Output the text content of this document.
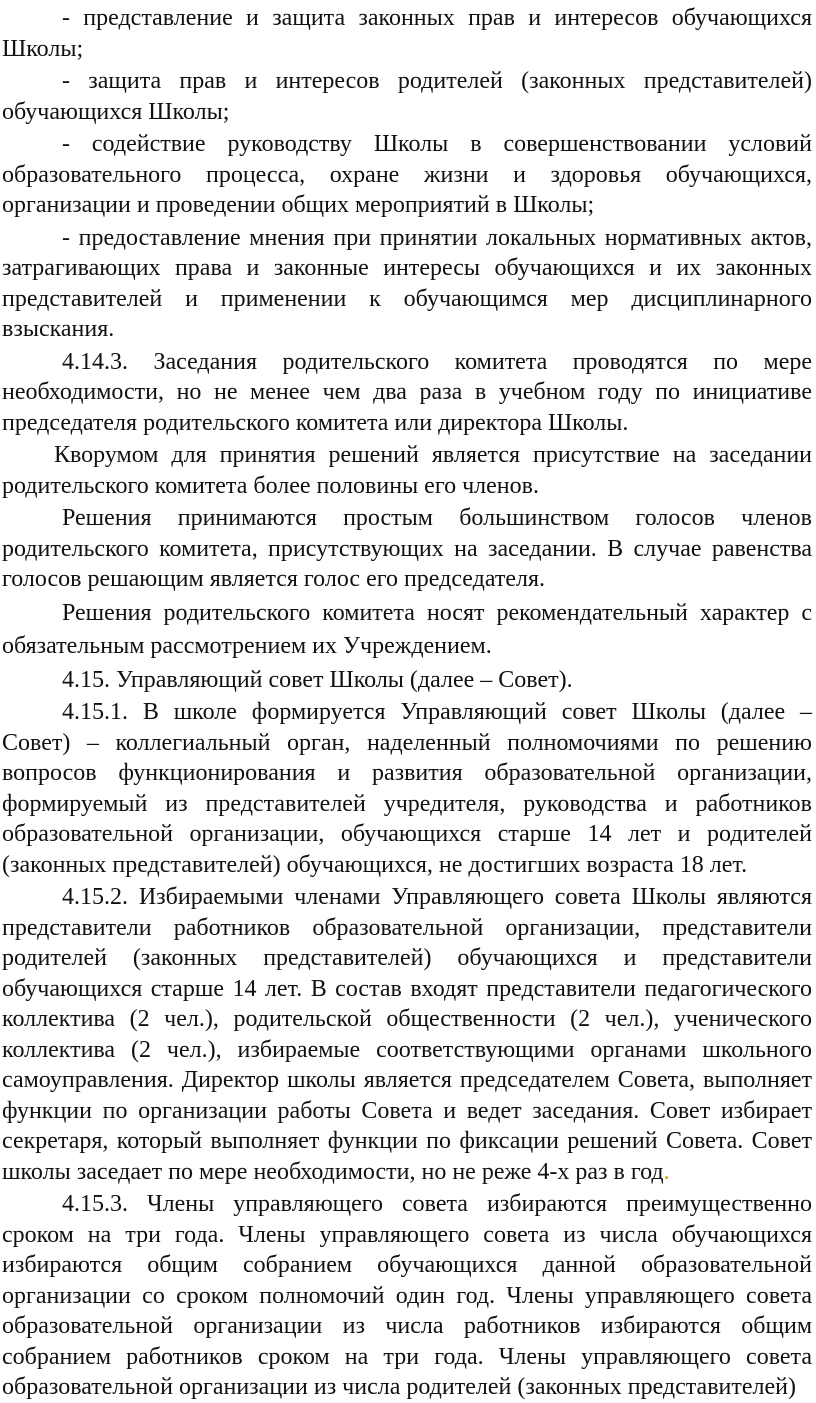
- представление и защита законных прав и интересов обучающихся Школы;

- защита прав и интересов родителей (законных представителей) обучающихся Школы;

- содействие руководству Школы в совершенствовании условий образовательного процесса, охране жизни и здоровья обучающихся, организации и проведении общих мероприятий в Школы;

- предоставление мнения при принятии локальных нормативных актов, затрагивающих права и законные интересы обучающихся и их законных представителей и применении к обучающимся мер дисциплинарного взыскания.

4.14.3. Заседания родительского комитета проводятся по мере необходимости, но не менее чем два раза в учебном году по инициативе председателя родительского комитета или директора Школы.

Кворумом для принятия решений является присутствие на заседании родительского комитета более половины его членов.

Решения принимаются простым большинством голосов членов родительского комитета, присутствующих на заседании. В случае равенства голосов решающим является голос его председателя.

Решения родительского комитета носят рекомендательный характер с обязательным рассмотрением их Учреждением.

4.15. Управляющий совет Школы (далее – Совет).

4.15.1. В школе формируется Управляющий совет Школы (далее – Совет) – коллегиальный орган, наделенный полномочиями по решению вопросов функционирования и развития образовательной организации, формируемый из представителей учредителя, руководства и работников образовательной организации, обучающихся старше 14 лет и родителей (законных представителей) обучающихся, не достигших возраста 18 лет.

4.15.2. Избираемыми членами Управляющего совета Школы являются представители работников образовательной организации, представители родителей (законных представителей) обучающихся и представители обучающихся старше 14 лет. В состав входят представители педагогического коллектива (2 чел.), родительской общественности (2 чел.), ученического коллектива (2 чел.), избираемые соответствующими органами школьного самоуправления. Директор школы является председателем Совета, выполняет функции по организации работы Совета и ведет заседания. Совет избирает секретаря, который выполняет функции по фиксации решений Совета. Совет школы заседает по мере необходимости, но не реже 4-х раз в год.

4.15.3. Члены управляющего совета избираются преимущественно сроком на три года. Члены управляющего совета из числа обучающихся избираются общим собранием обучающихся данной образовательной организации со сроком полномочий один год. Члены управляющего совета образовательной организации из числа работников избираются общим собранием работников сроком на три года. Члены управляющего совета образовательной организации из числа родителей (законных представителей)
